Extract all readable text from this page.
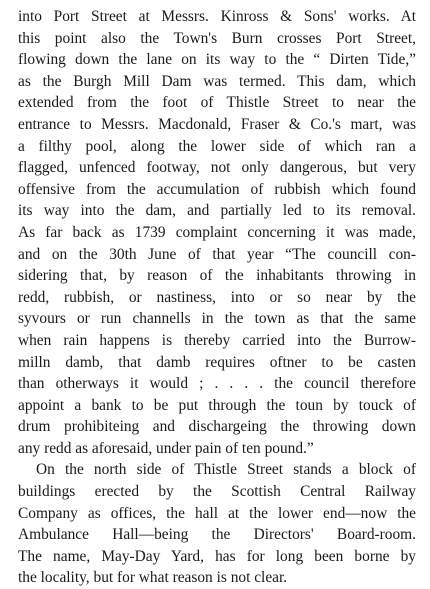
into Port Street at Messrs. Kinross & Sons' works. At
this point also the Town's Burn crosses Port Street,
flowing down the lane on its way to the “ Dirten Tide,”
as the Burgh Mill Dam was termed. This dam, which
extended from the foot of Thistle Street to near the
entrance to Messrs. Macdonald, Fraser & Co.'s mart, was
a filthy pool, along the lower side of which ran a
flagged, unfenced footway, not only dangerous, but very
offensive from the accumulation of rubbish which found
its way into the dam, and partially led to its removal.
As far back as 1739 complaint concerning it was made,
and on the 30th June of that year “The councill con-
sidering that, by reason of the inhabitants throwing in
redd, rubbish, or nastiness, into or so near by the
syvours or run channells in the town as that the same
when rain happens is thereby carried into the Burrow-
milln damb, that damb requires oftner to be casten
than otherways it would ; . . . . the council therefore
appoint a bank to be put through the toun by touck of
drum prohibiteing and dischargeing the throwing down
any redd as aforesaid, under pain of ten pound.”
On the north side of Thistle Street stands a block of
buildings erected by the Scottish Central Railway
Company as offices, the hall at the lower end—now the
Ambulance Hall—being the Directors' Board-room.
The name, May-Day Yard, has for long been borne by
the locality, but for what reason is not clear.
